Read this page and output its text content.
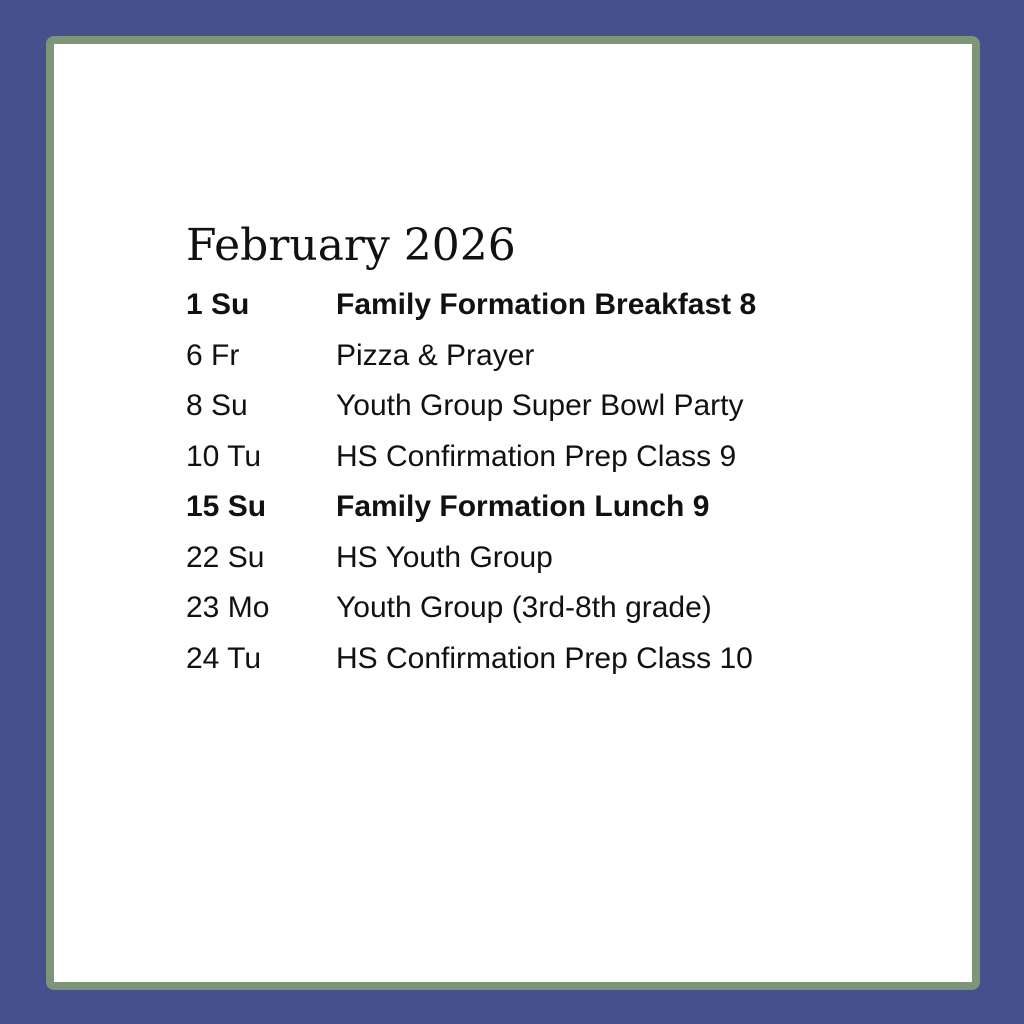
February 2026
1 Su	Family Formation Breakfast 8
6 Fr	Pizza & Prayer
8 Su	Youth Group Super Bowl Party
10 Tu	HS Confirmation Prep Class 9
15 Su	Family Formation Lunch 9
22 Su	HS Youth Group
23 Mo	Youth Group (3rd-8th grade)
24 Tu	HS Confirmation Prep Class 10
